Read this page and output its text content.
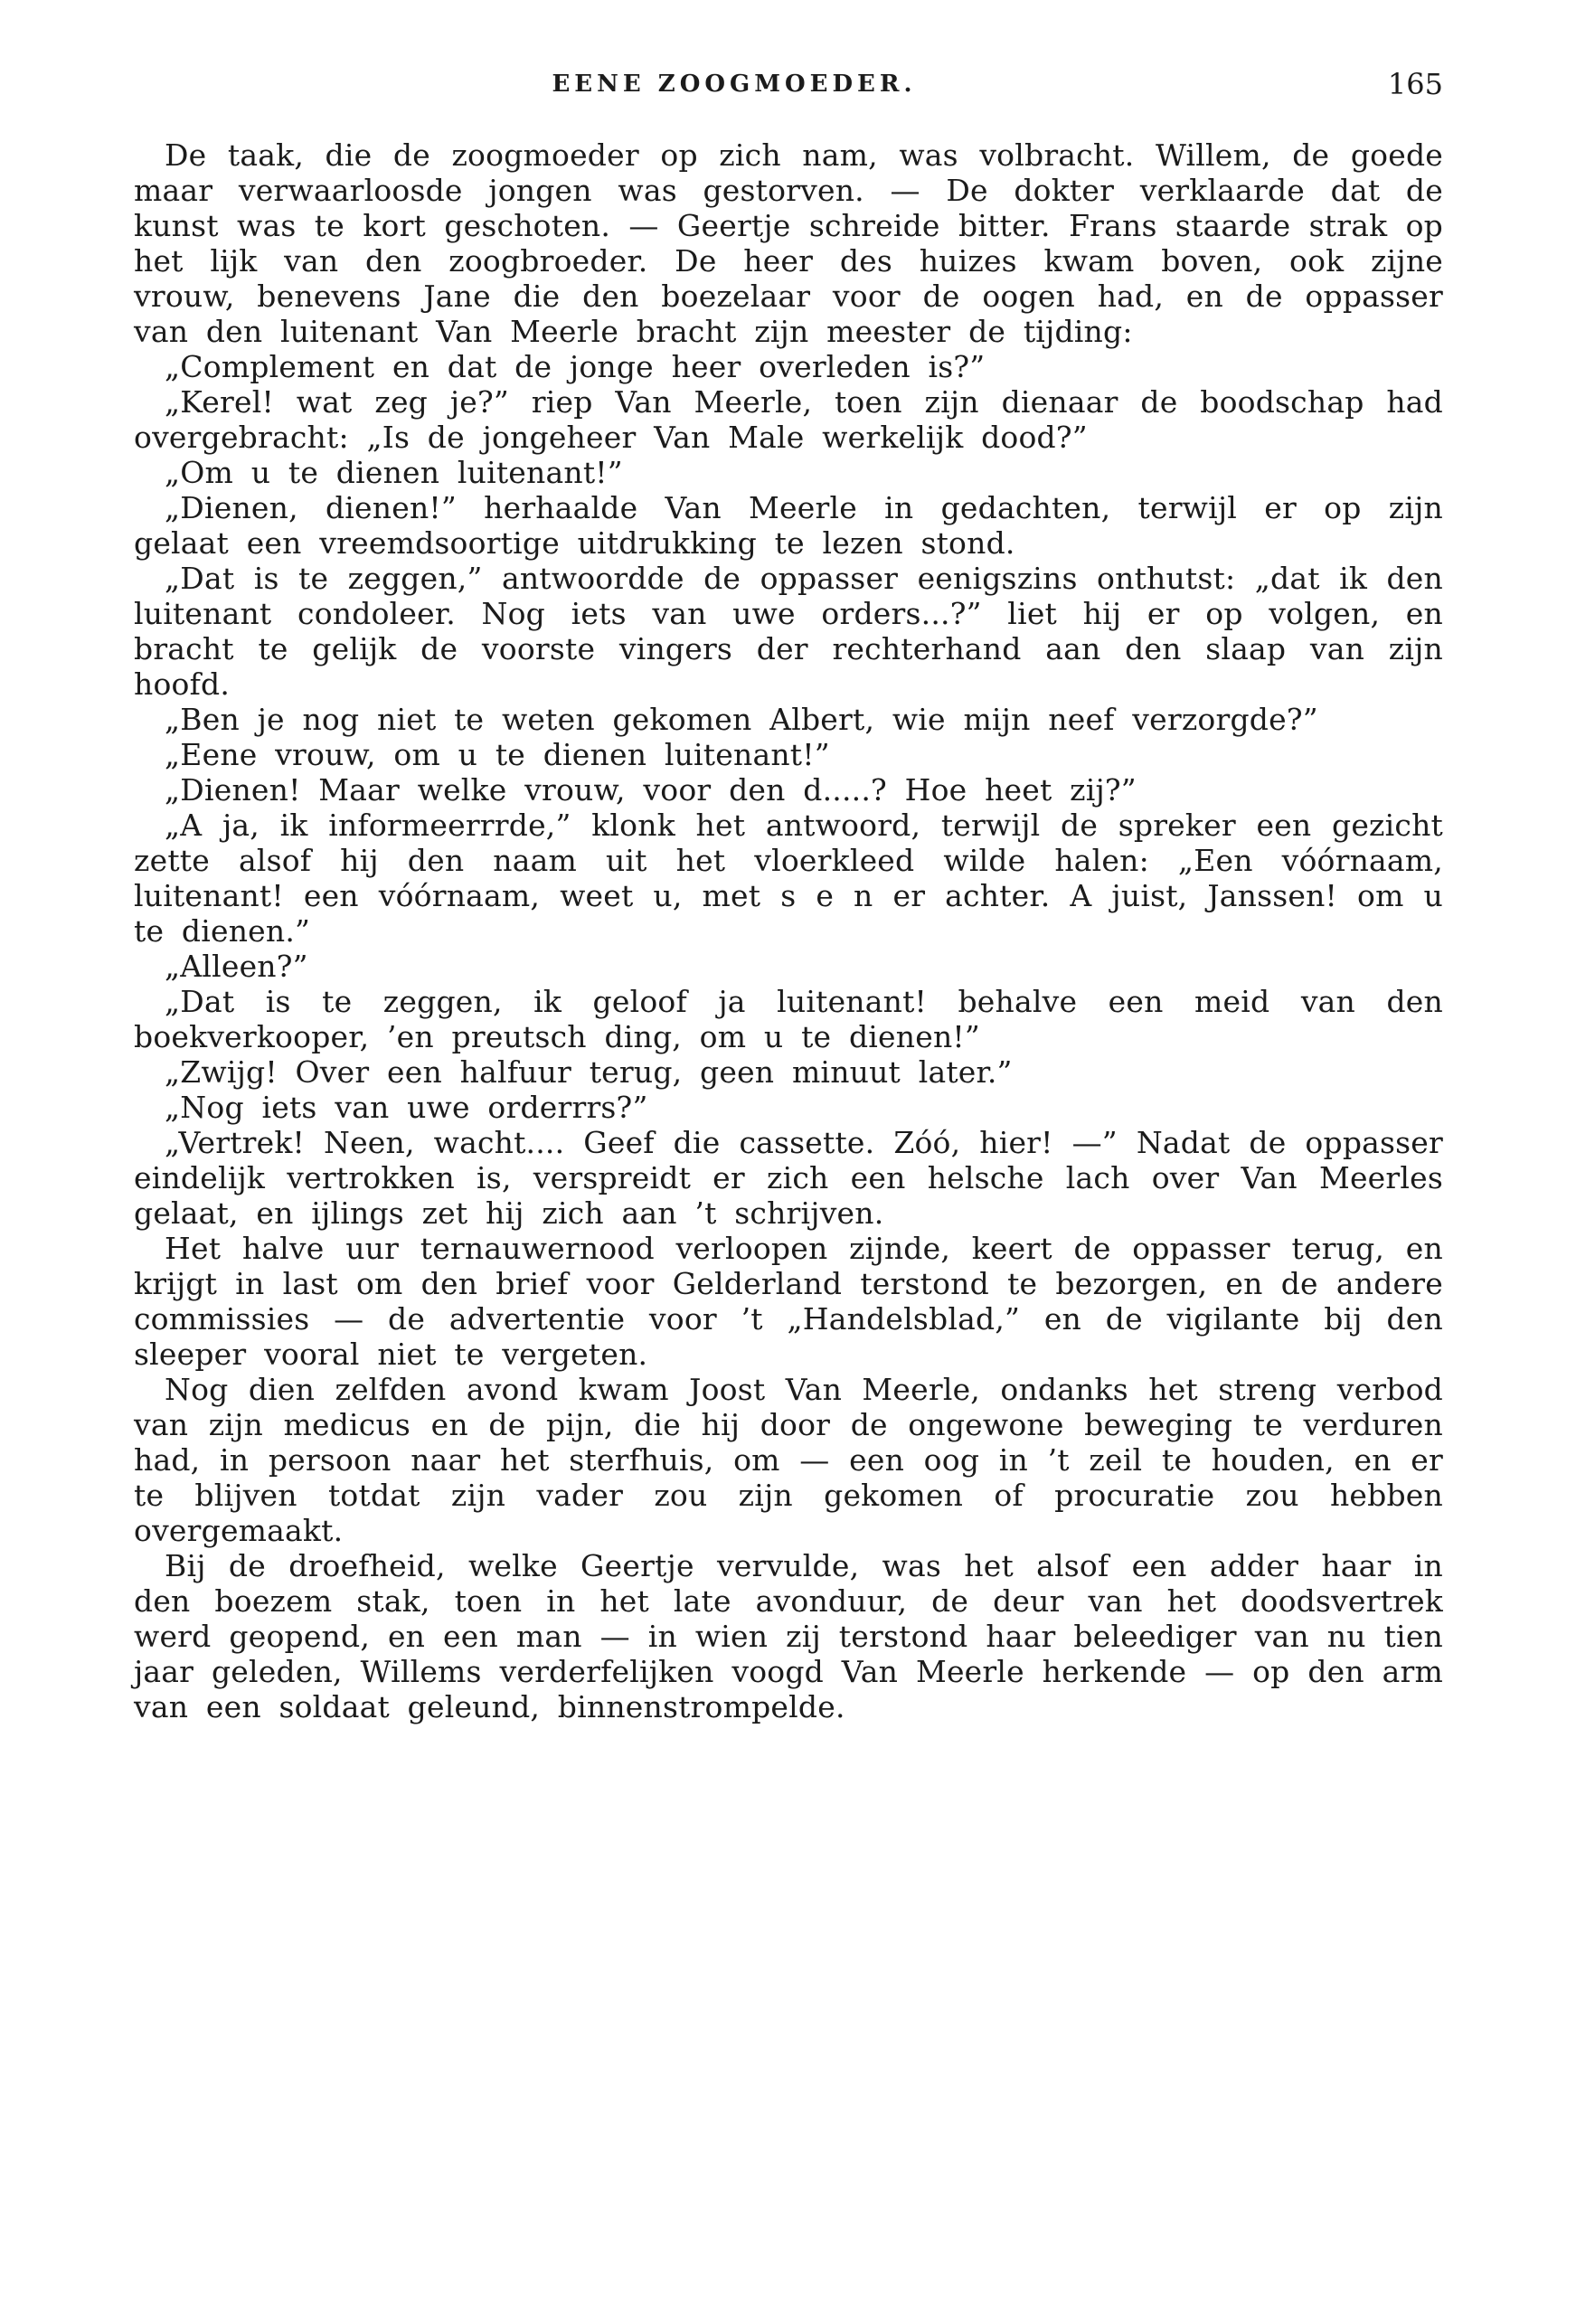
EENE ZOOGMOEDER.	165

De taak, die de zoogmoeder op zich nam, was volbracht. Willem, de goede maar verwaarloosde jongen was gestorven. — De dokter verklaarde dat de kunst was te kort geschoten. — Geertje schreide bitter. Frans staarde strak op het lijk van den zoogbroeder. De heer des huizes kwam boven, ook zijne vrouw, benevens Jane die den boezelaar voor de oogen had, en de oppasser van den luitenant Van Meerle bracht zijn meester de tijding:

„Complement en dat de jonge heer overleden is?”

„Kerel! wat zeg je?” riep Van Meerle, toen zijn dienaar de boodschap had overgebracht: „Is de jongeheer Van Male werkelijk dood?”

„Om u te dienen luitenant!”

„Dienen, dienen!” herhaalde Van Meerle in gedachten, terwijl er op zijn gelaat een vreemdsoortige uitdrukking te lezen stond.

„Dat is te zeggen,” antwoordde de oppasser eenigszins onthutst: „dat ik den luitenant condoleer. Nog iets van uwe orders...?” liet hij er op volgen, en bracht te gelijk de voorste vingers der rechterhand aan den slaap van zijn hoofd.

„Ben je nog niet te weten gekomen Albert, wie mijn neef verzorgde?”

„Eene vrouw, om u te dienen luitenant!”

„Dienen! Maar welke vrouw, voor den d.....? Hoe heet zij?”

„A ja, ik informeerrrde,” klonk het antwoord, terwijl de spreker een gezicht zette alsof hij den naam uit het vloerkleed wilde halen: „Een vóórnaam, luitenant! een vóórnaam, weet u, met s e n er achter. A juist, Janssen! om u te dienen.”

„Alleen?”

„Dat is te zeggen, ik geloof ja luitenant! behalve een meid van den boekverkooper, ’en preutsch ding, om u te dienen!”

„Zwijg! Over een halfuur terug, geen minuut later.”

„Nog iets van uwe orderrrs?”

„Vertrek! Neen, wacht.... Geef die cassette. Zóó, hier! —” Nadat de oppasser eindelijk vertrokken is, verspreidt er zich een helsche lach over Van Meerles gelaat, en ijlings zet hij zich aan ’t schrijven.

Het halve uur ternauwernood verloopen zijnde, keert de oppasser terug, en krijgt in last om den brief voor Gelderland terstond te bezorgen, en de andere commissies — de advertentie voor ’t „Handelsblad,” en de vigilante bij den sleeper vooral niet te vergeten.

Nog dien zelfden avond kwam Joost Van Meerle, ondanks het streng verbod van zijn medicus en de pijn, die hij door de ongewone beweging te verduren had, in persoon naar het sterfhuis, om — een oog in ’t zeil te houden, en er te blijven totdat zijn vader zou zijn gekomen of procuratie zou hebben overgemaakt.

Bij de droefheid, welke Geertje vervulde, was het alsof een adder haar in den boezem stak, toen in het late avonduur, de deur van het doodsvertrek werd geopend, en een man — in wien zij terstond haar beleediger van nu tien jaar geleden, Willems verderfelijken voogd Van Meerle herkende — op den arm van een soldaat geleund, binnenstrompelde.
